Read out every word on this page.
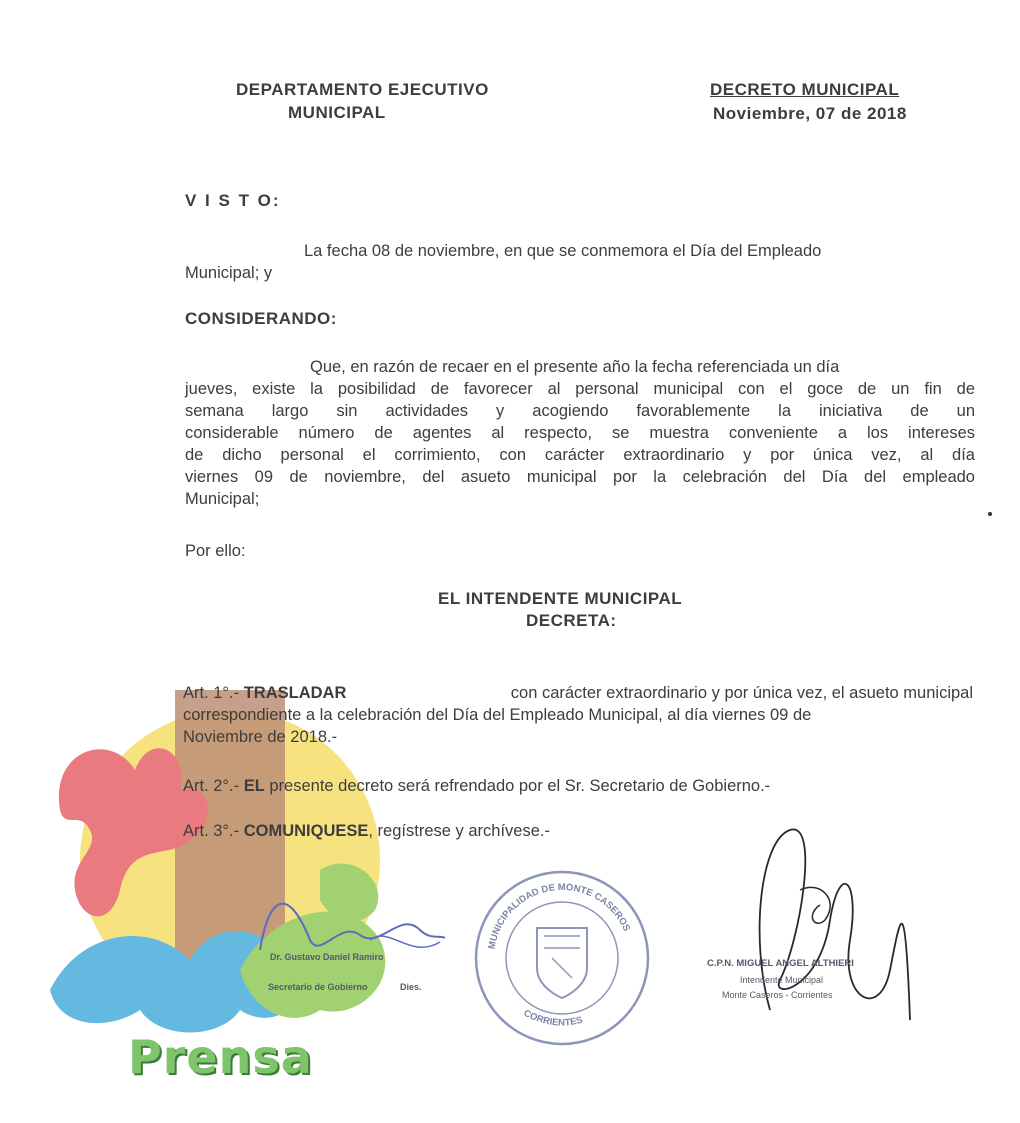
DEPARTAMENTO EJECUTIVO
MUNICIPAL
DECRETO MUNICIPAL
Noviembre, 07 de 2018
V I S T O:
La fecha 08 de noviembre, en que se conmemora el Día del Empleado
Municipal; y
CONSIDERANDO:
Que, en razón de recaer en el presente año la fecha referenciada un día
jueves, existe la posibilidad de favorecer al personal municipal con el goce de un fin de
semana largo sin actividades y acogiendo favorablemente la iniciativa de un
considerable número de agentes al respecto, se muestra conveniente a los intereses
de dicho personal el corrimiento, con carácter extraordinario y por única vez, al día
viernes 09 de noviembre, del asueto municipal por la celebración del Día del empleado
Municipal;
Por ello:
EL INTENDENTE MUNICIPAL
DECRETA:
Prensa
Art. 1°.- TRASLADAR	con carácter extraordinario y por única vez, el asueto municipal
correspondiente a la celebración del Día del Empleado Municipal, al día viernes 09 de
Noviembre de 2018.-
Art. 2°.- EL presente decreto será refrendado por el Sr. Secretario de Gobierno.-
Art. 3°.- COMUNIQUESE, regístrese y archívese.-
Dr. Gustavo Daniel Ramiro
Secretario de Gobierno	Dies.
MUNICIPALIDAD DE MONTE CASEROS
CORRIENTES
C.P.N. MIGUEL ANGEL ALTHIERI
Intendente Municipal
Monte Caseros - Corrientes
